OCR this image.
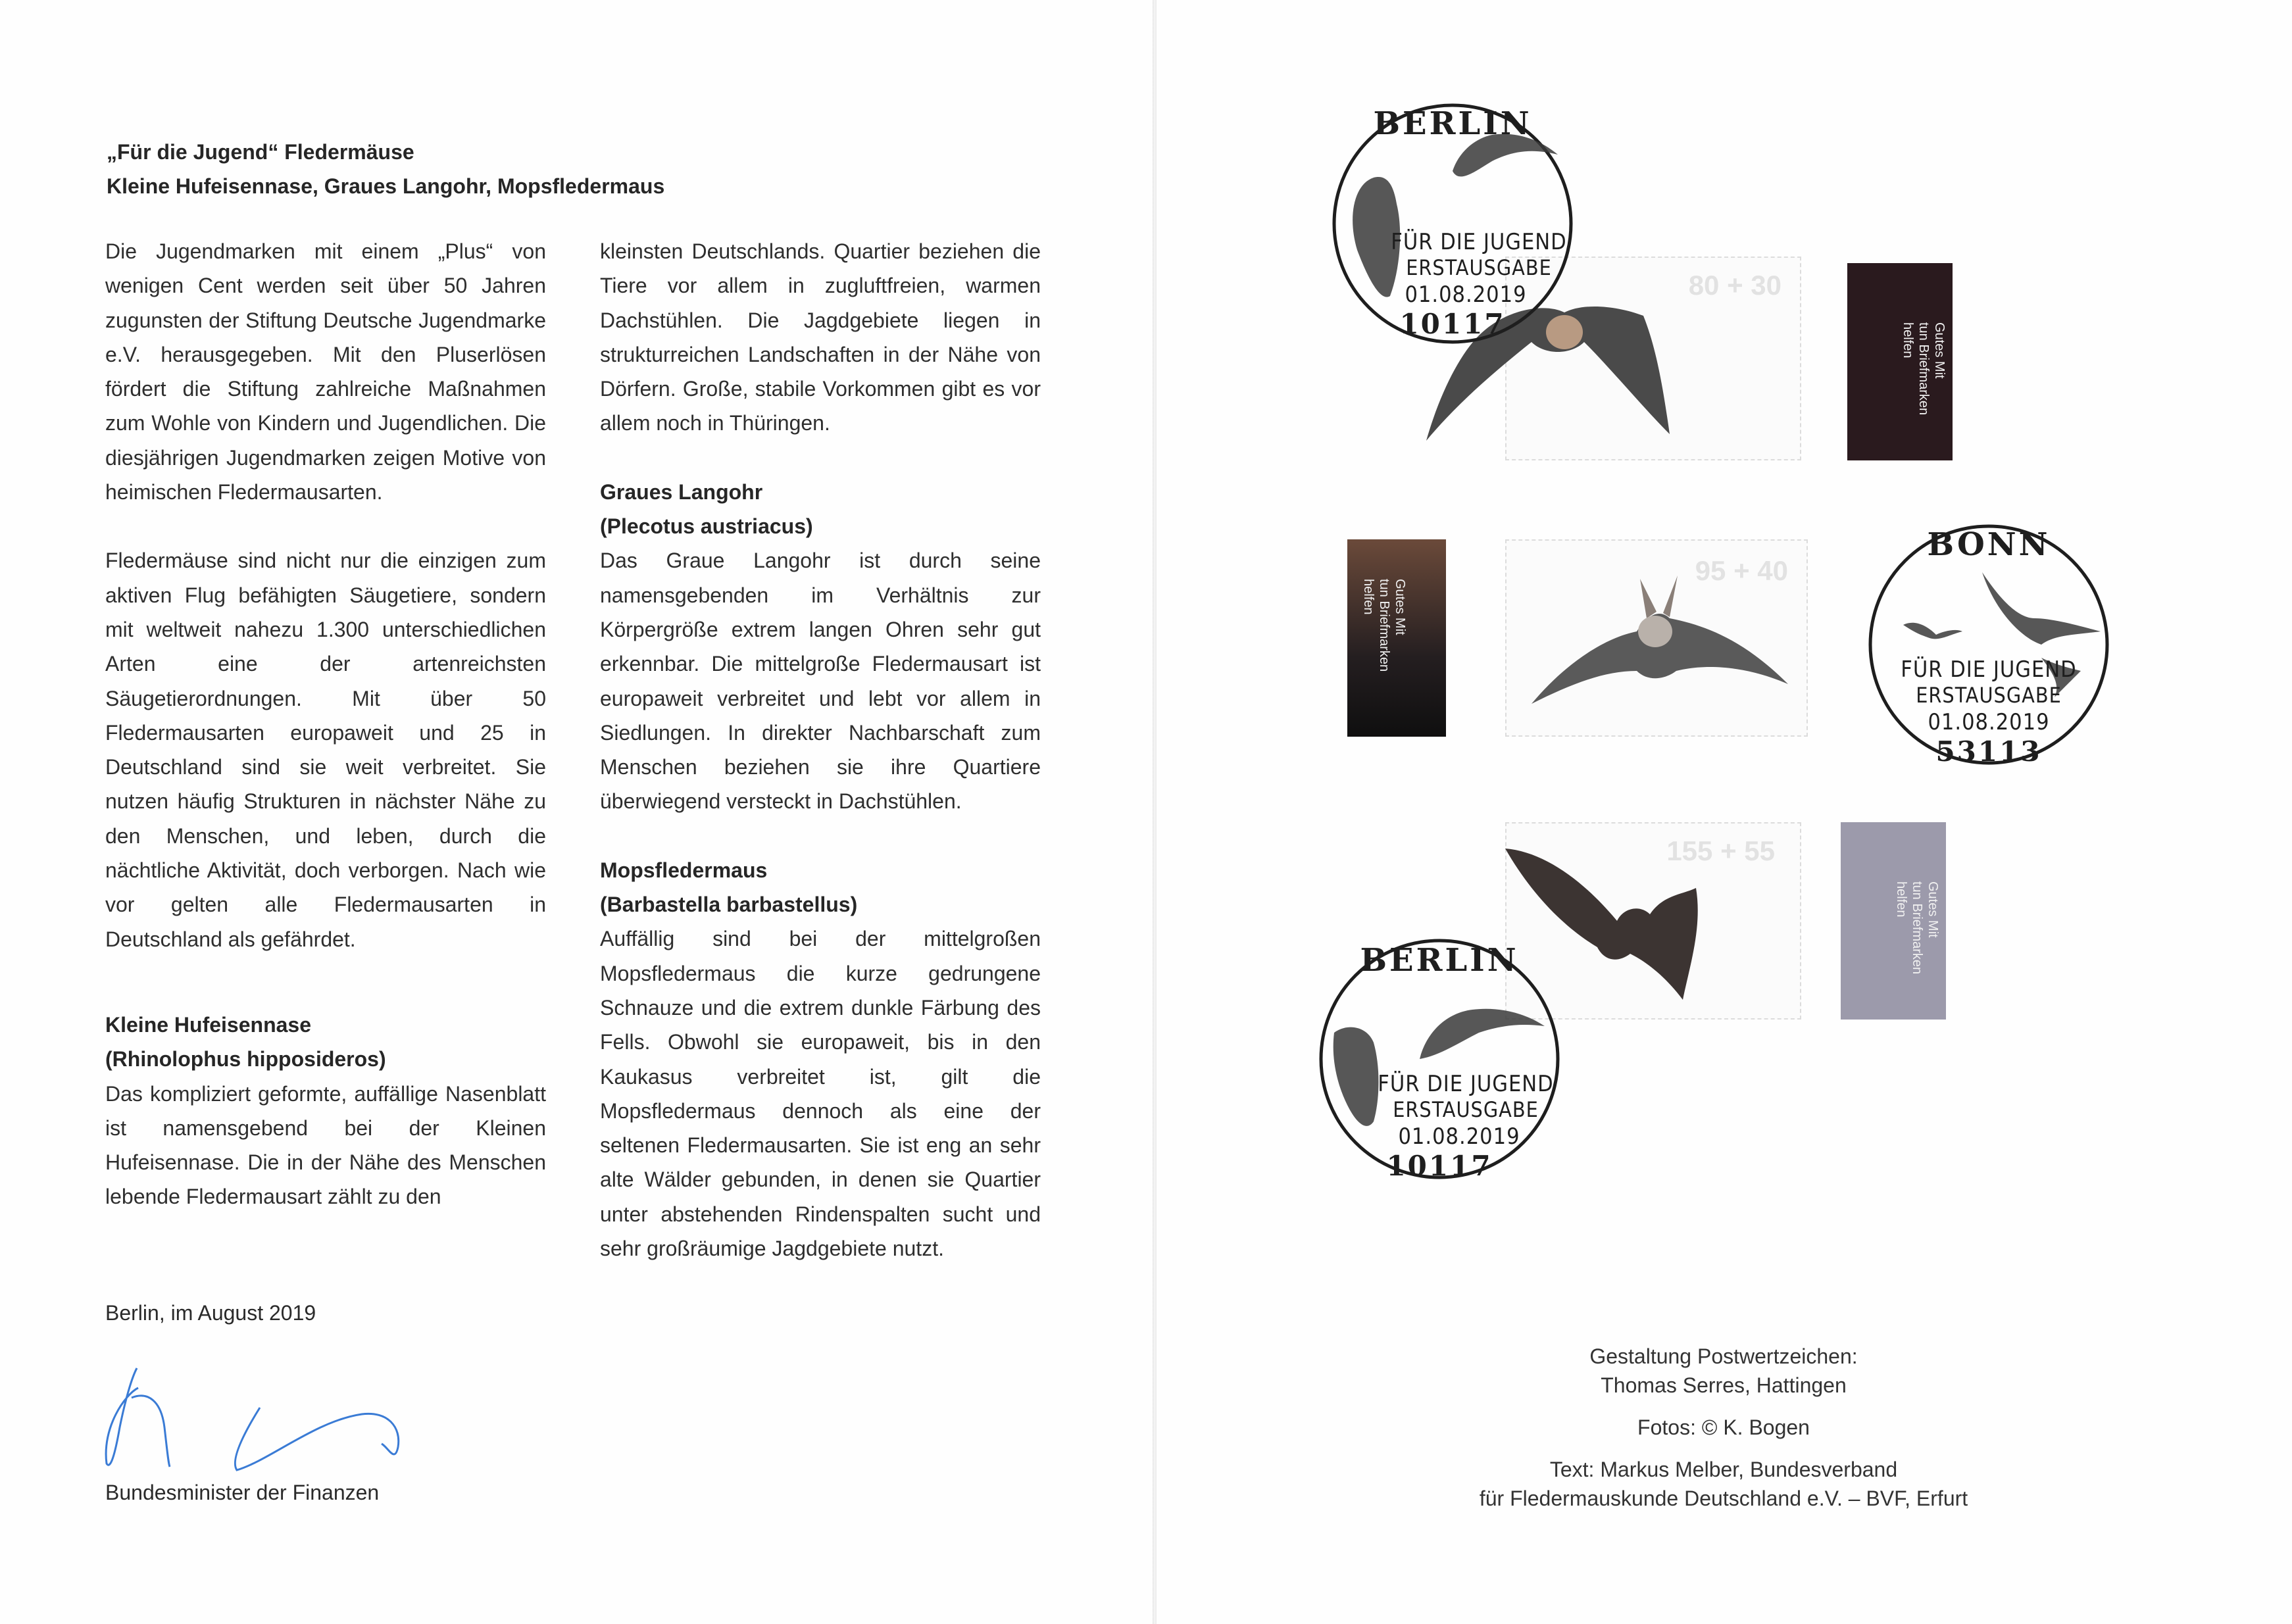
„Für die Jugend“ Fledermäuse
Kleine Hufeisennase, Graues Langohr, Mopsfledermaus

Die Jugendmarken mit einem „Plus“ von wenigen Cent werden seit über 50 Jahren zugunsten der Stiftung Deutsche Jugendmarke e.V. herausgegeben. Mit den Pluserlösen fördert die Stiftung zahlreiche Maßnahmen zum Wohle von Kindern und Jugendlichen. Die diesjährigen Jugendmarken zeigen Motive von heimischen Fledermausarten.

Fledermäuse sind nicht nur die einzigen zum aktiven Flug befähigten Säugetiere, sondern mit weltweit nahezu 1.300 unterschiedlichen Arten eine der artenreichsten Säugetierordnungen. Mit über 50 Fledermausarten europaweit und 25 in Deutschland sind sie weit verbreitet. Sie nutzen häufig Strukturen in nächster Nähe zu den Menschen, und leben, durch die nächtliche Aktivität, doch verborgen. Nach wie vor gelten alle Fledermausarten in Deutschland als gefährdet.

Kleine Hufeisennase
(Rhinolophus hipposideros)

Das kompliziert geformte, auffällige Nasenblatt ist namensgebend bei der Kleinen Hufeisennase. Die in der Nähe des Menschen lebende Fledermausart zählt zu den

kleinsten Deutschlands. Quartier beziehen die Tiere vor allem in zugluftfreien, warmen Dachstühlen. Die Jagdgebiete liegen in strukturreichen Landschaften in der Nähe von Dörfern. Große, stabile Vorkommen gibt es vor allem noch in Thüringen.

Graues Langohr
(Plecotus austriacus)

Das Graue Langohr ist durch seine namensgebenden im Verhältnis zur Körpergröße extrem langen Ohren sehr gut erkennbar. Die mittelgroße Fledermausart ist europaweit verbreitet und lebt vor allem in Siedlungen. In direkter Nachbarschaft zum Menschen beziehen sie ihre Quartiere überwiegend versteckt in Dachstühlen.

Mopsfledermaus
(Barbastella barbastellus)

Auffällig sind bei der mittelgroßen Mopsfledermaus die kurze gedrungene Schnauze und die extrem dunkle Färbung des Fells. Obwohl sie europaweit, bis in den Kaukasus verbreitet ist, gilt die Mopsfledermaus dennoch als eine der seltenen Fledermausarten. Sie ist eng an sehr alte Wälder gebunden, in denen sie Quartier unter abstehenden Rindenspalten sucht und sehr großräumige Jagdgebiete nutzt.

Berlin, im August 2019
Bundesminister der Finanzen
80 + 30
Gutes Mit
tun Briefmarken
helfen
95 + 40
Gutes Mit
tun Briefmarken
helfen
155 + 55
Gutes Mit
tun Briefmarken
helfen
BERLIN
FÜR DIE JUGEND
ERSTAUSGABE
01.08.2019
10117
BONN
FÜR DIE JUGEND
ERSTAUSGABE
01.08.2019
53113
BERLIN
FÜR DIE JUGEND
ERSTAUSGABE
01.08.2019
10117
Gestaltung Postwertzeichen:
Thomas Serres, Hattingen
Fotos: © K. Bogen
Text: Markus Melber, Bundesverband
für Fledermauskunde Deutschland e.V. – BVF, Erfurt
